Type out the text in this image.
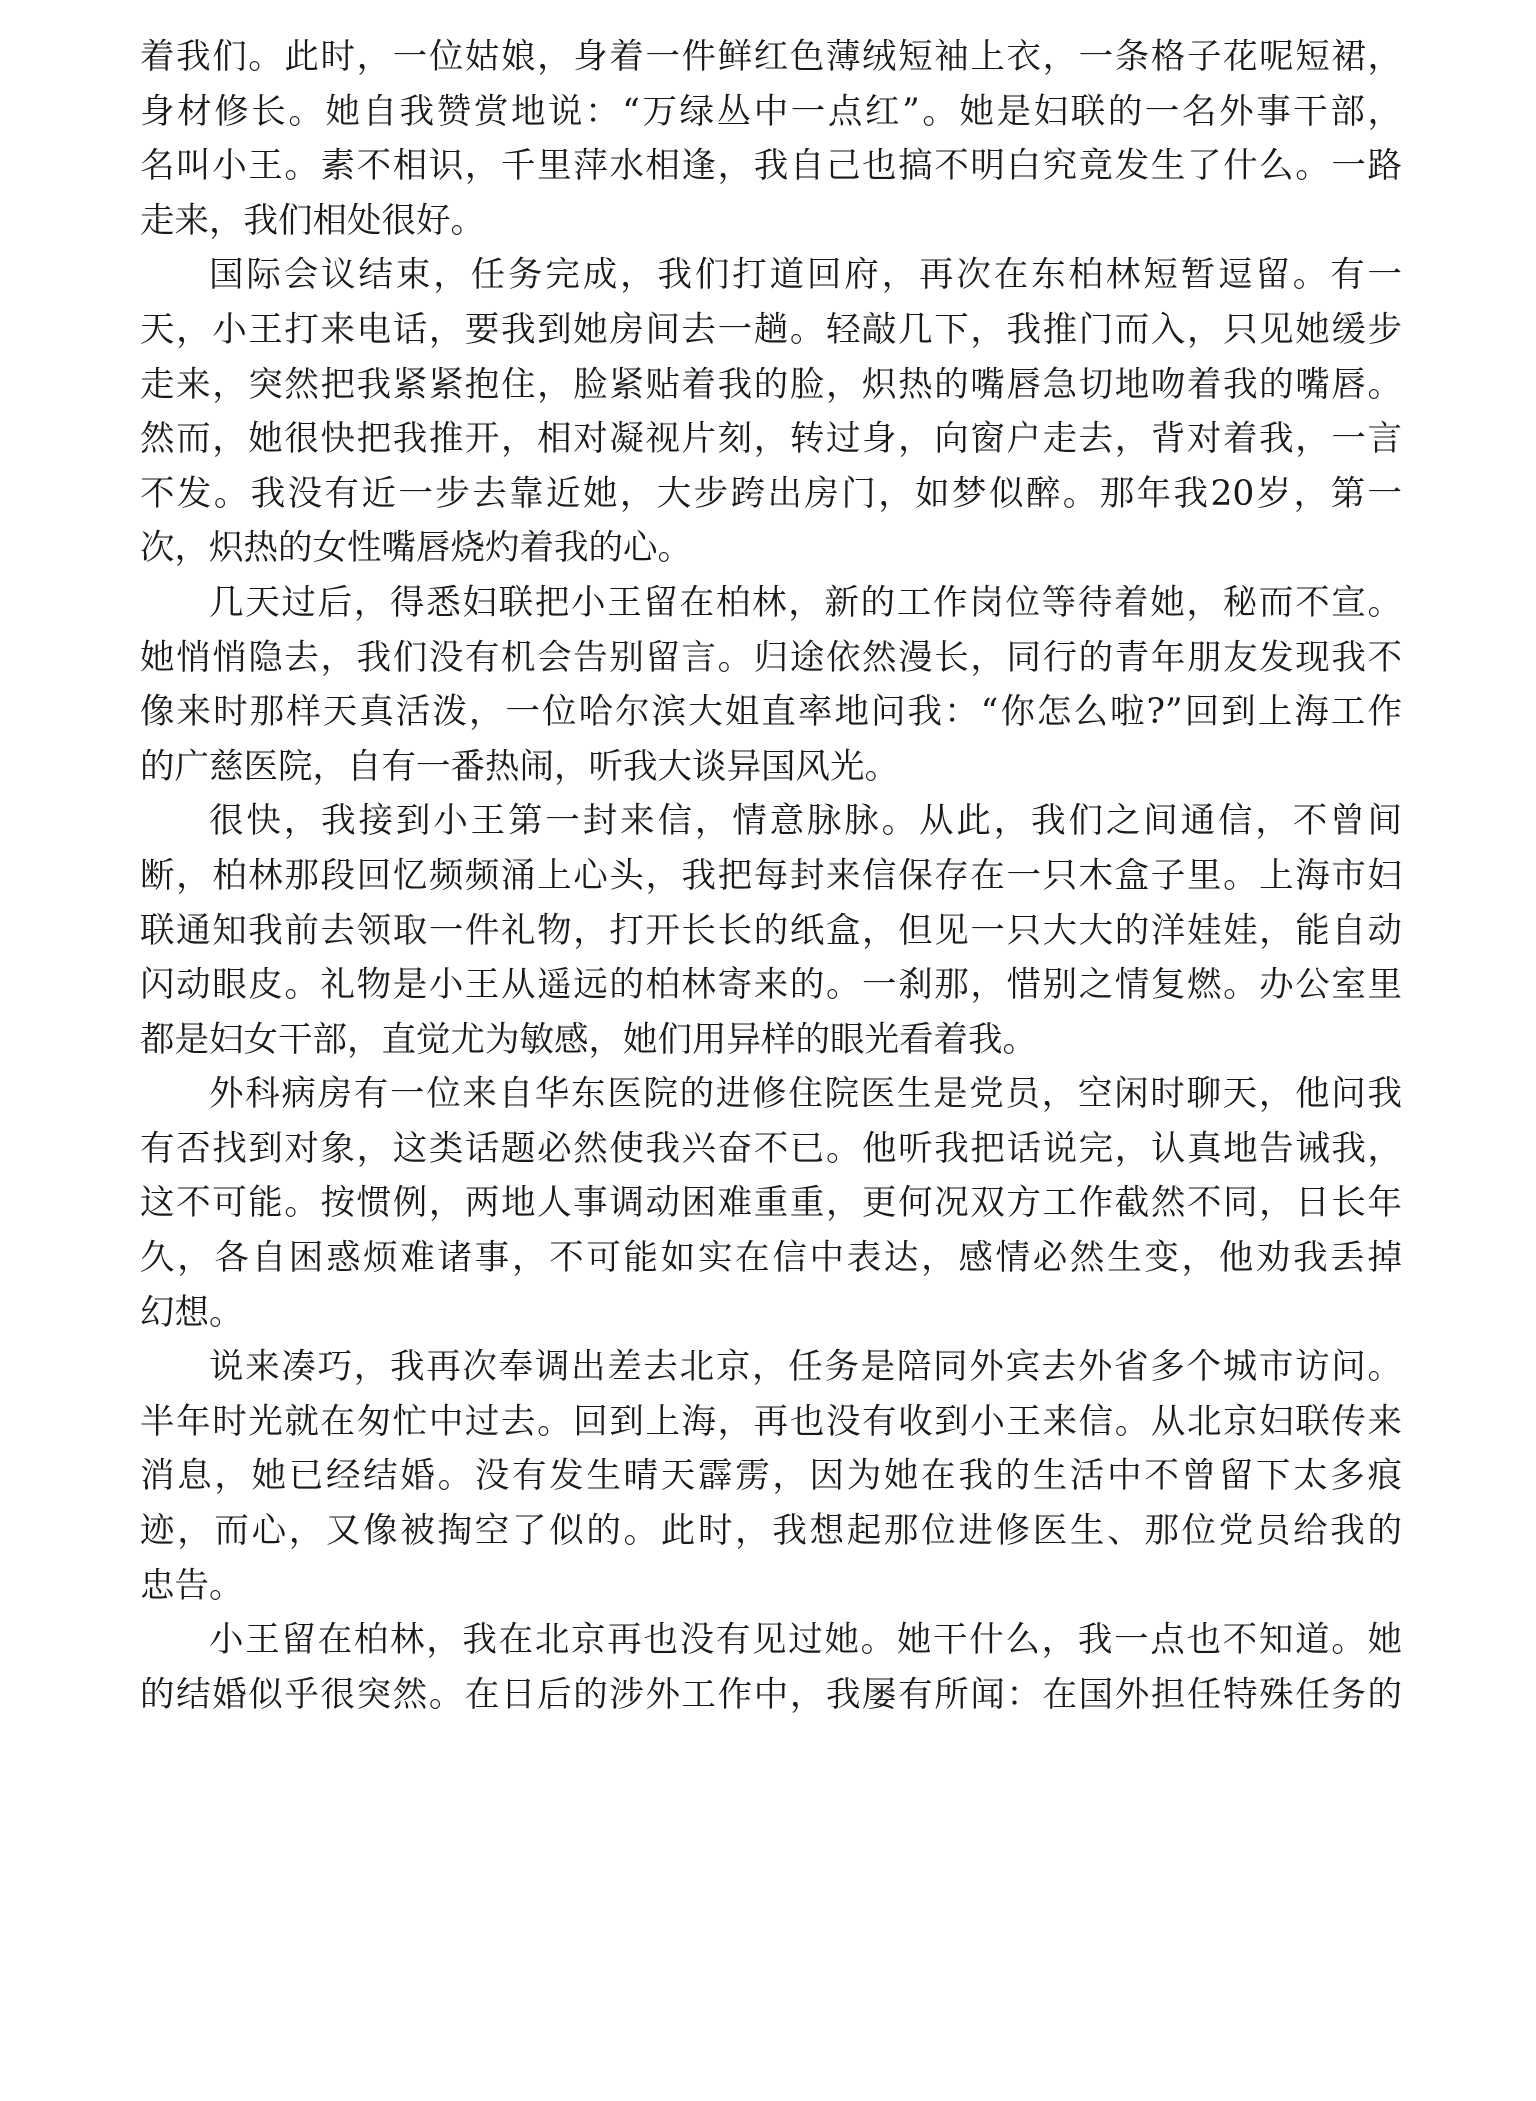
着我们。此时，一位姑娘，身着一件鲜红色薄绒短袖上衣，一条格子花呢短裙，
身材修长。她自我赞赏地说：“万绿丛中一点红”。她是妇联的一名外事干部，
名叫小王。素不相识，千里萍水相逢，我自己也搞不明白究竟发生了什么。一路
走来，我们相处很好。
国际会议结束，任务完成，我们打道回府，再次在东柏林短暂逗留。有一
天，小王打来电话，要我到她房间去一趟。轻敲几下，我推门而入，只见她缓步
走来，突然把我紧紧抱住，脸紧贴着我的脸，炽热的嘴唇急切地吻着我的嘴唇。
然而，她很快把我推开，相对凝视片刻，转过身，向窗户走去，背对着我，一言
不发。我没有近一步去靠近她，大步跨出房门，如梦似醉。那年我20岁，第一
次，炽热的女性嘴唇烧灼着我的心。
几天过后，得悉妇联把小王留在柏林，新的工作岗位等待着她，秘而不宣。
她悄悄隐去，我们没有机会告别留言。归途依然漫长，同行的青年朋友发现我不
像来时那样天真活泼，一位哈尔滨大姐直率地问我：“你怎么啦?”回到上海工作
的广慈医院，自有一番热闹，听我大谈异国风光。
很快，我接到小王第一封来信，情意脉脉。从此，我们之间通信，不曾间
断，柏林那段回忆频频涌上心头，我把每封来信保存在一只木盒子里。上海市妇
联通知我前去领取一件礼物，打开长长的纸盒，但见一只大大的洋娃娃，能自动
闪动眼皮。礼物是小王从遥远的柏林寄来的。一刹那，惜别之情复燃。办公室里
都是妇女干部，直觉尤为敏感，她们用异样的眼光看着我。
外科病房有一位来自华东医院的进修住院医生是党员，空闲时聊天，他问我
有否找到对象，这类话题必然使我兴奋不已。他听我把话说完，认真地告诫我，
这不可能。按惯例，两地人事调动困难重重，更何况双方工作截然不同，日长年
久，各自困惑烦难诸事，不可能如实在信中表达，感情必然生变，他劝我丢掉
幻想。
说来凑巧，我再次奉调出差去北京，任务是陪同外宾去外省多个城市访问。
半年时光就在匆忙中过去。回到上海，再也没有收到小王来信。从北京妇联传来
消息，她已经结婚。没有发生晴天霹雳，因为她在我的生活中不曾留下太多痕
迹，而心，又像被掏空了似的。此时，我想起那位进修医生、那位党员给我的
忠告。
小王留在柏林，我在北京再也没有见过她。她干什么，我一点也不知道。她
的结婚似乎很突然。在日后的涉外工作中，我屡有所闻：在国外担任特殊任务的
